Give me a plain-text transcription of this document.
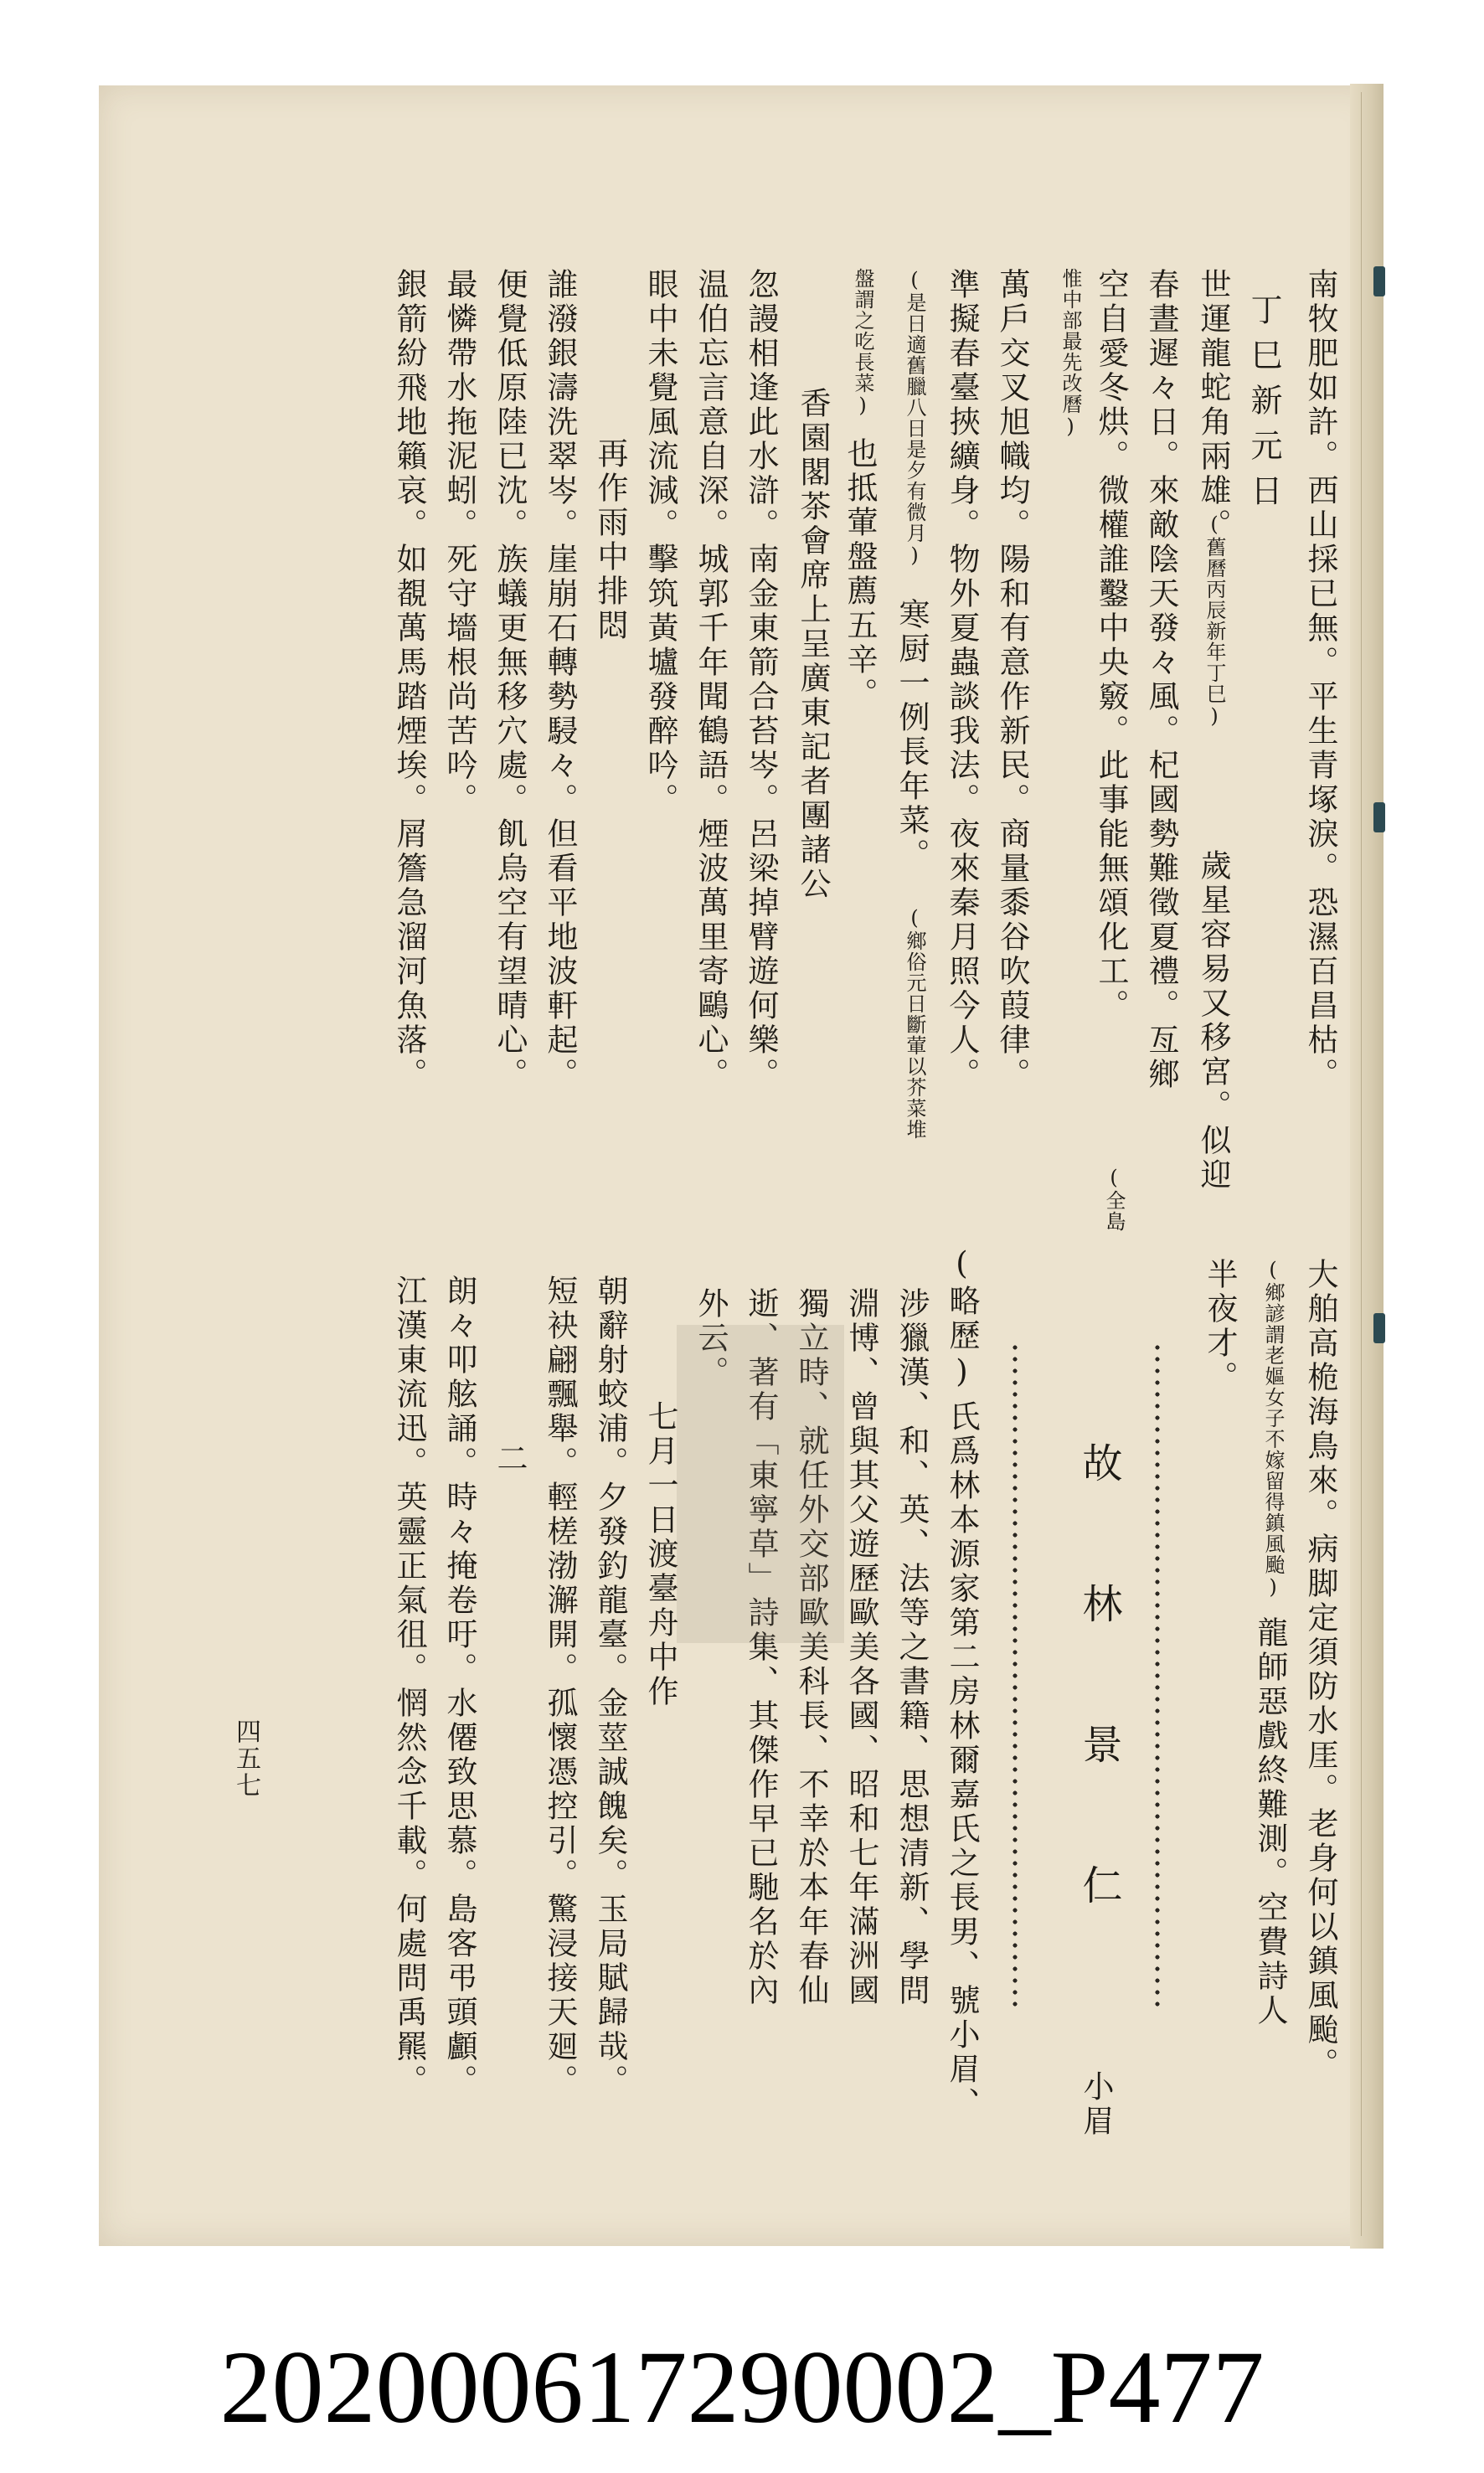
南牧肥如許。西山採已無。平生青塚淚。恐濕百昌枯。
丁巳新元日
世運龍蛇角兩雄。
(舊曆丙辰新年丁巳)
歲星容易又移宮。似迎
春晝遲々日。來敵陰天發々風。杞國勢難徵夏禮。亙鄉
空自愛冬烘。微權誰鑿中央竅。此事能無頌化工。
(全島
惟中部最先改曆)
萬戶交叉旭幟均。陽和有意作新民。商量黍谷吹葭律。
準擬春臺挾纊身。物外夏蟲談我法。夜來秦月照今人。
(是日適舊臘八日是夕有微月)
寒厨一例長年菜。
(鄉俗元日斷葷以芥菜堆
盤謂之吃長菜)
也抵葷盤薦五辛。
香園閣茶會席上呈廣東記者團諸公
忽謾相逢此水滸。南金東箭合苔岑。呂梁掉臂遊何樂。
温伯忘言意自深。城郭千年聞鶴語。煙波萬里寄鷗心。
眼中未覺風流減。擊筑黃壚發醉吟。
再作雨中排悶
誰潑銀濤洗翠岑。崖崩石轉勢駸々。但看平地波軒起。
便覺低原陸已沈。族蟻更無移穴處。飢烏空有望晴心。
最憐帶水拖泥蚓。死守墻根尚苦吟。
銀箭紛飛地籟哀。如覩萬馬踏煙埃。屑簷急溜河魚落。
大舶高桅海鳥來。病脚定須防水厓。老身何以鎮風颱。
(鄉諺謂老嫗女子不嫁留得鎮風颱)
龍師惡戲終難測。空費詩人
半夜才。
故林景仁
小眉
(略歷)
氏爲林本源家第二房林爾嘉氏之長男、號小眉、
涉獵漢、和、英、法等之書籍、思想清新、學問
淵博、曾與其父遊歷歐美各國、昭和七年滿洲國
獨立時、就任外交部歐美科長、不幸於本年春仙
逝、著有「東寧草」詩集、其傑作早已馳名於內
外云。
七月一日渡臺舟中作
朝辭射蛟浦。夕發釣龍臺。金莖誠餽矣。玉局賦歸哉。
短袂翩飄舉。輕槎渤澥開。孤懷憑控引。驚浸接天廻。
二
朗々叩舷誦。時々掩卷吁。水僊致思慕。島客弔頭顱。
江漢東流迅。英靈正氣徂。惘然念千載。何處問禹羆。
四五七
202000617290002_P477
